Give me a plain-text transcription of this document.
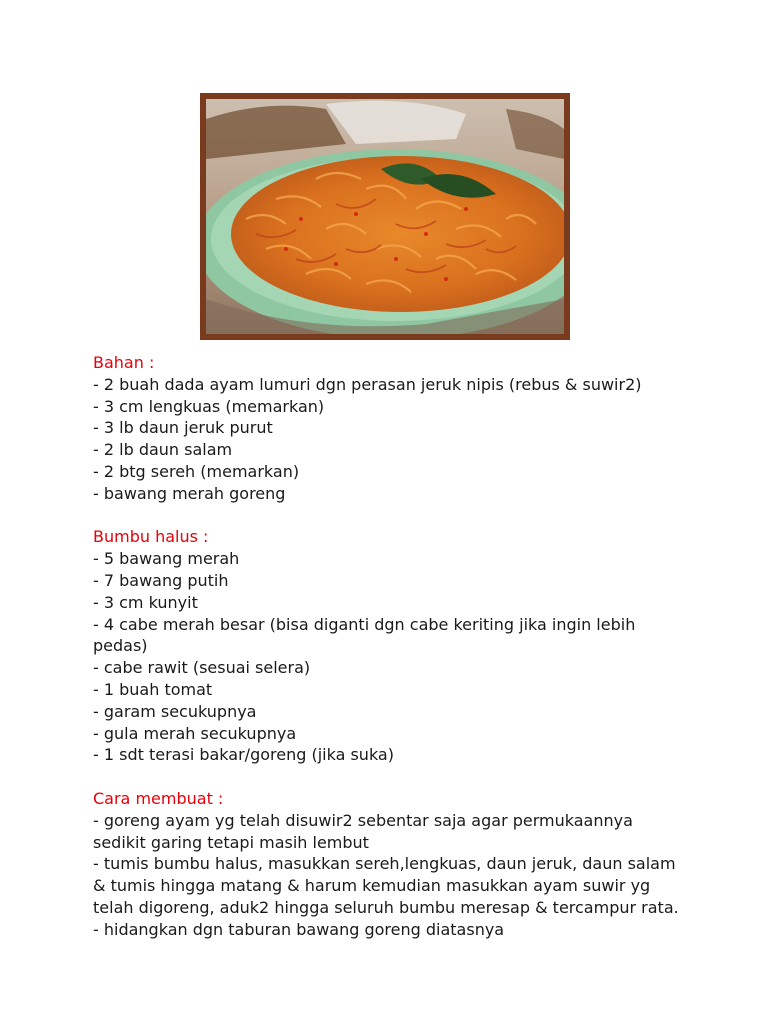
Bahan :
- 2 buah dada ayam lumuri dgn perasan jeruk nipis (rebus & suwir2)
- 3 cm lengkuas (memarkan)
- 3 lb daun jeruk purut
- 2 lb daun salam
- 2 btg sereh (memarkan)
- bawang merah goreng
Bumbu halus :
- 5 bawang merah
- 7 bawang putih
- 3 cm kunyit
- 4 cabe merah besar (bisa diganti dgn cabe keriting jika ingin lebih pedas)
- cabe rawit (sesuai selera)
- 1 buah tomat
- garam secukupnya
- gula merah secukupnya
- 1 sdt terasi bakar/goreng (jika suka)
Cara membuat :
- goreng ayam yg telah disuwir2 sebentar saja agar permukaannya sedikit garing tetapi masih lembut
- tumis bumbu halus, masukkan sereh,lengkuas, daun jeruk, daun salam & tumis hingga matang & harum kemudian masukkan ayam suwir yg telah digoreng, aduk2 hingga seluruh bumbu meresap & tercampur rata.
- hidangkan dgn taburan bawang goreng diatasnya
